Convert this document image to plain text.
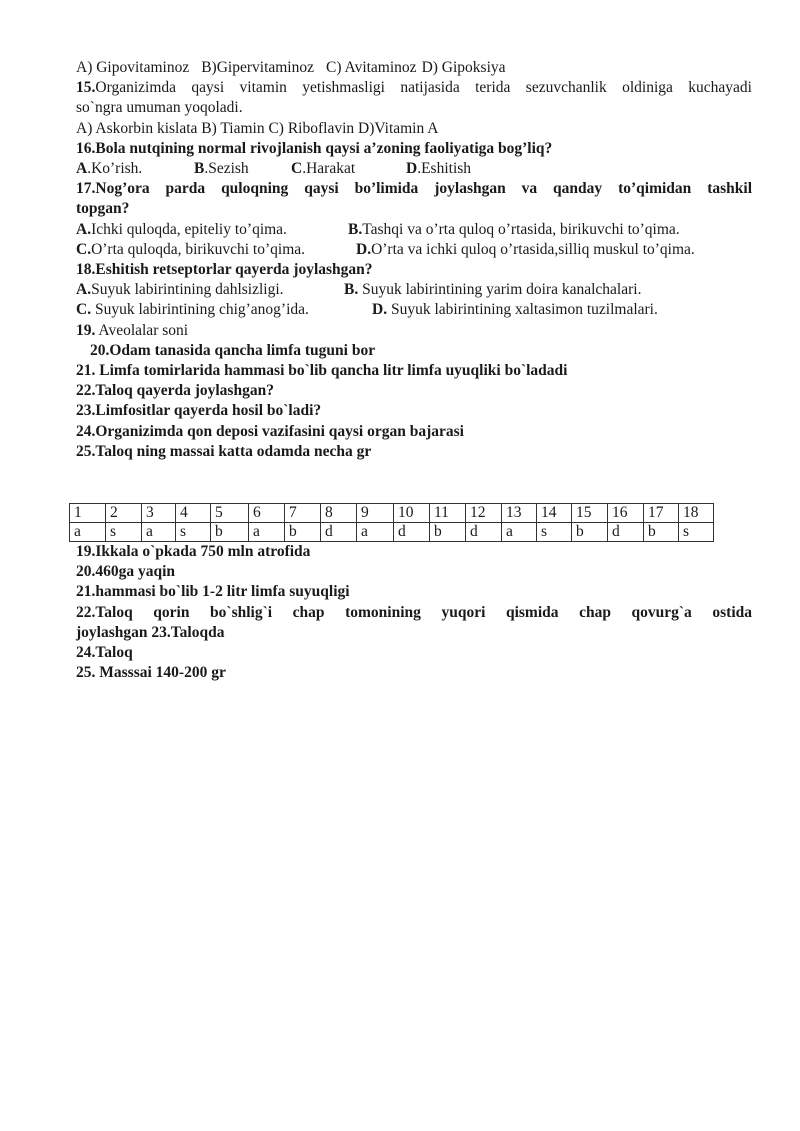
A) Gipovitaminoz B)Gipervitaminoz C) Avitaminoz D) Gipoksiya
15.Organizimda qaysi vitamin yetishmasligi natijasida terida sezuvchanlik oldiniga kuchayadi
so`ngra umuman yoqoladi.
A) Askorbin kislata B) Tiamin C) Riboflavin D)Vitamin A
16.Bola nutqining normal rivojlanish qaysi a’zoning faoliyatiga bog’liq?
A.Ko’rish.	B.Sezish	C.Harakat	D.Eshitish
17.Nog’ora parda quloqning qaysi bo’limida joylashgan va qanday to’qimidan tashkil
topgan?
A.Ichki quloqda, epiteliy to’qima.	B.Tashqi va o’rta quloq o’rtasida, birikuvchi to’qima.
C.O’rta quloqda, birikuvchi to’qima.	D.O’rta va ichki quloq o’rtasida,silliq muskul to’qima.
18.Eshitish retseptorlar qayerda joylashgan?
A.Suyuk labirintining dahlsizligi.	B. Suyuk labirintining yarim doira kanalchalari.
C. Suyuk labirintining chig’anog’ida.	D. Suyuk labirintining xaltasimon tuzilmalari.
19. Aveolalar soni
20.Odam tanasida qancha limfa tuguni bor
21. Limfa tomirlarida hammasi bo`lib qancha litr limfa uyuqliki bo`ladadi
22.Taloq qayerda joylashgan?
23.Limfositlar qayerda hosil bo`ladi?
24.Organizimda qon deposi vazifasini qaysi organ bajarasi
25.Taloq ning massai katta odamda necha gr
1	2	3	4	5	6	7	8	9	10	11	12	13	14	15	16	17	18
a	s	a	s	b	a	b	d	a	d	b	d	a	s	b	d	b	s
19.Ikkala o`pkada 750 mln atrofida
20.460ga yaqin
21.hammasi bo`lib 1-2 litr limfa suyuqligi
22.Taloq qorin bo`shlig`i chap tomonining yuqori qismida chap qovurg`a ostida
joylashgan 23.Taloqda
24.Taloq
25. Masssai 140-200 gr
